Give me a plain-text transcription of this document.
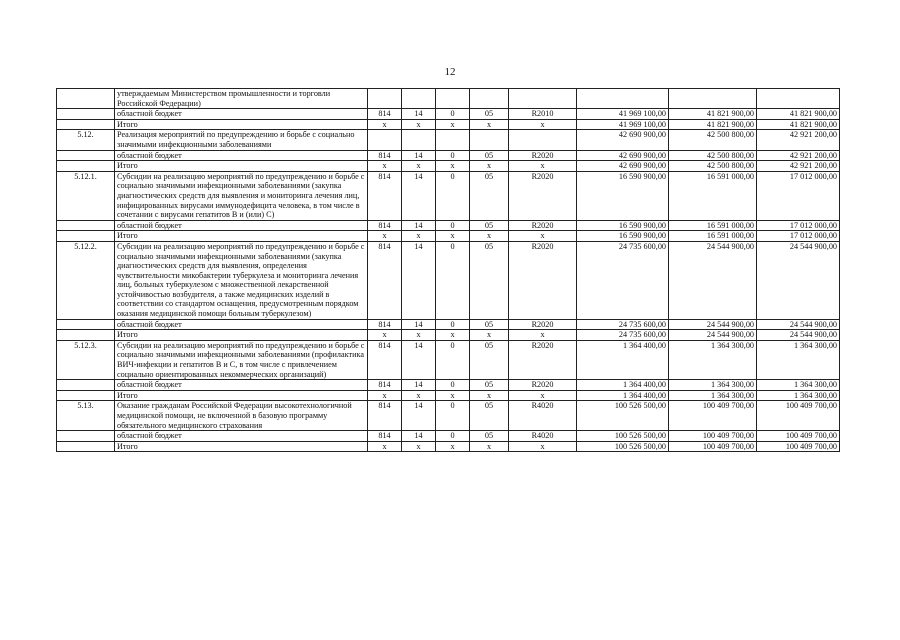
12
	утверждаемым Министерством промышленности и торговли Российской Федерации)								
	областной бюджет	814	14	0	05	R2010	41 969 100,00	41 821 900,00	41 821 900,00
	Итого	х	х	х	х	х	41 969 100,00	41 821 900,00	41 821 900,00
5.12.	Реализация мероприятий по предупреждению и борьбе с социально значимыми инфекционными заболеваниями						42 690 900,00	42 500 800,00	42 921 200,00
	областной бюджет	814	14	0	05	R2020	42 690 900,00	42 500 800,00	42 921 200,00
	Итого	х	х	х	х	х	42 690 900,00	42 500 800,00	42 921 200,00
5.12.1.	Субсидии на реализацию мероприятий по предупреждению и борьбе с социально значимыми инфекционными заболеваниями (закупка диагностических средств для выявления и мониторинга лечения лиц, инфицированных вирусами иммунодефицита человека, в том числе в сочетании с вирусами гепатитов В и (или) С)	814	14	0	05	R2020	16 590 900,00	16 591 000,00	17 012 000,00
	областной бюджет	814	14	0	05	R2020	16 590 900,00	16 591 000,00	17 012 000,00
	Итого	х	х	х	х	х	16 590 900,00	16 591 000,00	17 012 000,00
5.12.2.	Субсидии на реализацию мероприятий по предупреждению и борьбе с социально значимыми инфекционными заболеваниями (закупка диагностических средств для выявления, определения чувствительности микобактерии туберкулеза и мониторинга лечения лиц, больных туберкулезом с множественной лекарственной устойчивостью возбудителя, а также медицинских изделий в соответствии со стандартом оснащения, предусмотренным порядком оказания медицинской помощи больным туберкулезом)	814	14	0	05	R2020	24 735 600,00	24 544 900,00	24 544 900,00
	областной бюджет	814	14	0	05	R2020	24 735 600,00	24 544 900,00	24 544 900,00
	Итого	х	х	х	х	х	24 735 600,00	24 544 900,00	24 544 900,00
5.12.3.	Субсидии на реализацию мероприятий по предупреждению и борьбе с социально значимыми инфекционными заболеваниями (профилактика ВИЧ-инфекции и гепатитов В и С, в том числе с привлечением социально ориентированных некоммерческих организаций)	814	14	0	05	R2020	1 364 400,00	1 364 300,00	1 364 300,00
	областной бюджет	814	14	0	05	R2020	1 364 400,00	1 364 300,00	1 364 300,00
	Итого	х	х	х	х	х	1 364 400,00	1 364 300,00	1 364 300,00
5.13.	Оказание гражданам Российской Федерации высокотехнологичной медицинской помощи, не включенной в базовую программу обязательного медицинского страхования	814	14	0	05	R4020	100 526 500,00	100 409 700,00	100 409 700,00
	областной бюджет	814	14	0	05	R4020	100 526 500,00	100 409 700,00	100 409 700,00
	Итого	х	х	х	х	х	100 526 500,00	100 409 700,00	100 409 700,00
